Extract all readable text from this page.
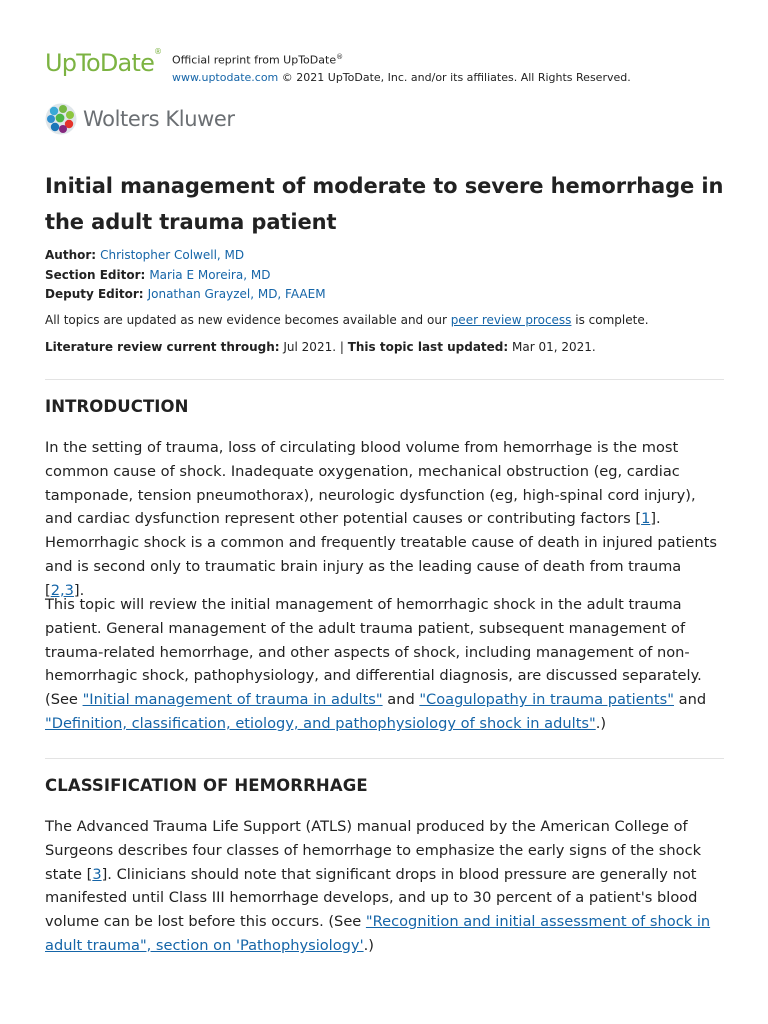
UpToDate®
Official reprint from UpToDate®
www.uptodate.com © 2021 UpToDate, Inc. and/or its affiliates. All Rights Reserved.
Wolters Kluwer
Initial management of moderate to severe hemorrhage in the adult trauma patient
Author: Christopher Colwell, MD
Section Editor: Maria E Moreira, MD
Deputy Editor: Jonathan Grayzel, MD, FAAEM
All topics are updated as new evidence becomes available and our peer review process is complete.
Literature review current through: Jul 2021. | This topic last updated: Mar 01, 2021.
INTRODUCTION

In the setting of trauma, loss of circulating blood volume from hemorrhage is the most common cause of shock. Inadequate oxygenation, mechanical obstruction (eg, cardiac tamponade, tension pneumothorax), neurologic dysfunction (eg, high-spinal cord injury), and cardiac dysfunction represent other potential causes or contributing factors [1]. Hemorrhagic shock is a common and frequently treatable cause of death in injured patients and is second only to traumatic brain injury as the leading cause of death from trauma [2,3].

This topic will review the initial management of hemorrhagic shock in the adult trauma patient. General management of the adult trauma patient, subsequent management of trauma-related hemorrhage, and other aspects of shock, including management of non-hemorrhagic shock, pathophysiology, and differential diagnosis, are discussed separately. (See "Initial management of trauma in adults" and "Coagulopathy in trauma patients" and "Definition, classification, etiology, and pathophysiology of shock in adults".)

CLASSIFICATION OF HEMORRHAGE

The Advanced Trauma Life Support (ATLS) manual produced by the American College of Surgeons describes four classes of hemorrhage to emphasize the early signs of the shock state [3]. Clinicians should note that significant drops in blood pressure are generally not manifested until Class III hemorrhage develops, and up to 30 percent of a patient's blood volume can be lost before this occurs. (See "Recognition and initial assessment of shock in adult trauma", section on 'Pathophysiology'.)
